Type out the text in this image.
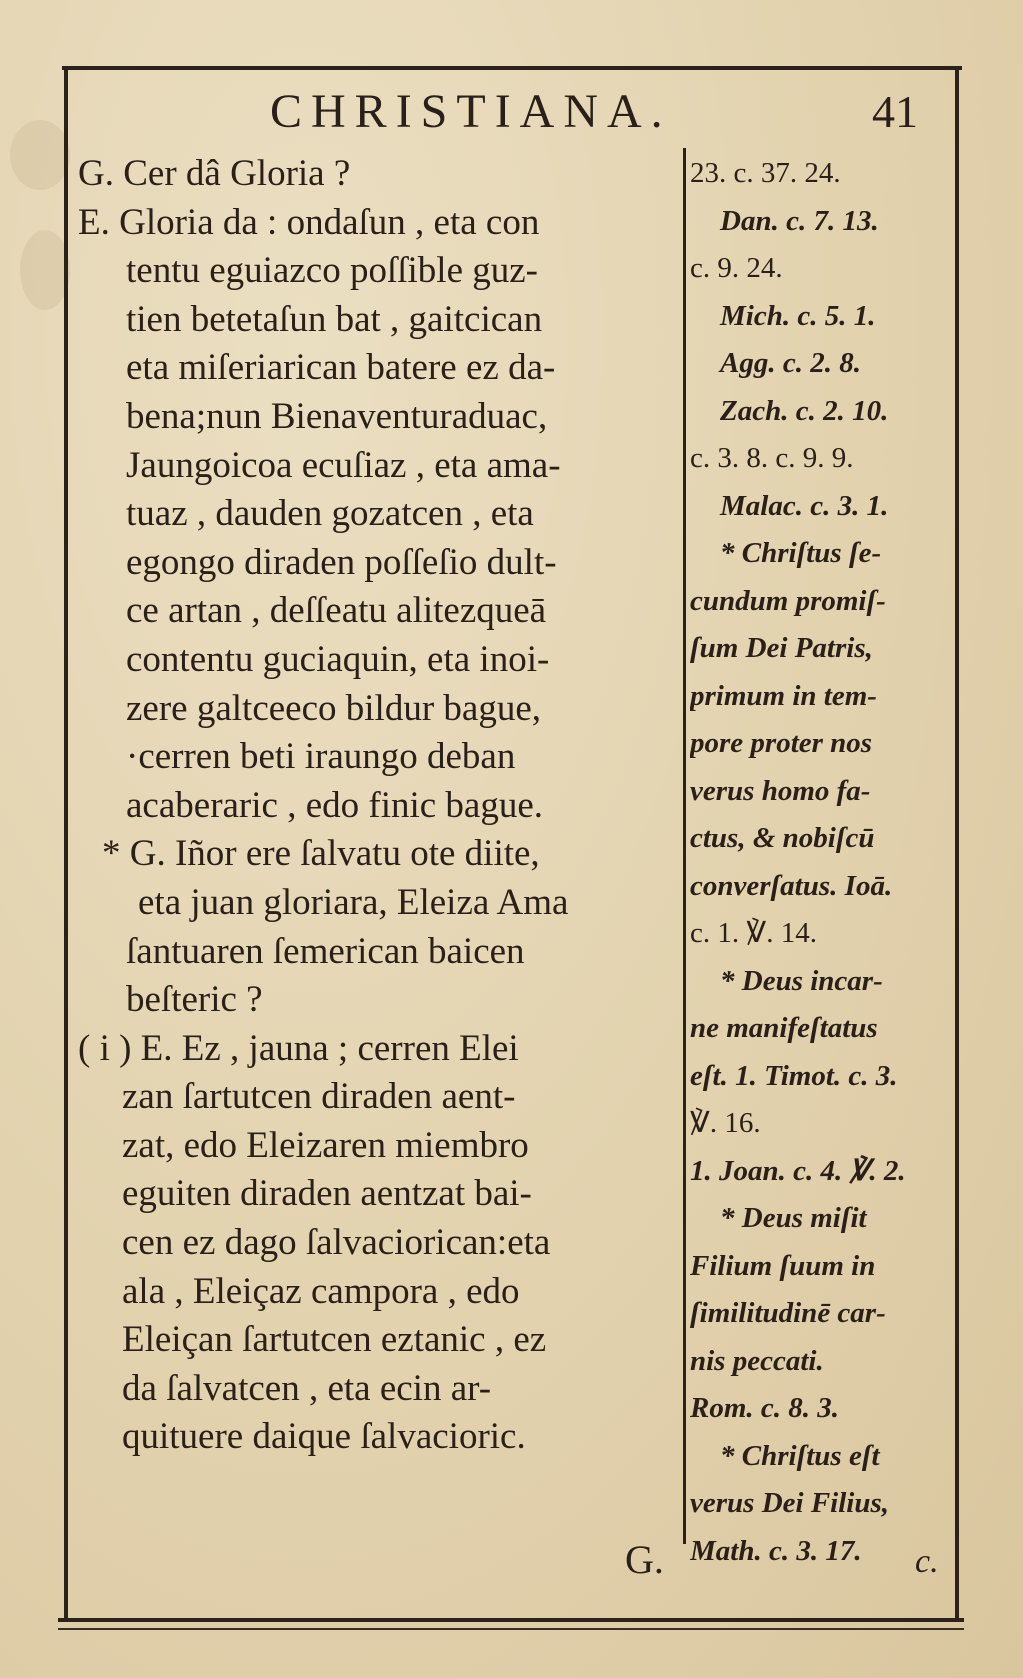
CHRISTIANA.	41
G. Cer dâ Gloria ?
E. Gloria da : ondaſun , eta con
tentu eguiazco poſſible guz-
tien betetaſun bat , gaitcican
eta miſeriarican batere ez da-
bena;nun Bienaventuraduac,
Jaungoicoa ecuſiaz , eta ama-
tuaz , dauden gozatcen , eta
egongo diraden poſſeſio dult-
ce artan , deſſeatu alitezqueā
contentu guciaquin, eta inoi-
zere galtceeco bildur bague,
·cerren beti iraungo deban
acaberaric , edo finic bague.
* G. Iñor ere ſalvatu ote diite,
eta juan gloriara, Eleiza Ama
ſantuaren ſemerican baicen
beſteric ?
( i ) E. Ez , jauna ; cerren Elei
zan ſartutcen diraden aent-
zat, edo Eleizaren miembro
eguiten diraden aentzat bai-
cen ez dago ſalvaciorican:eta
ala , Eleiçaz campora , edo
Eleiçan ſartutcen eztanic , ez
da ſalvatcen , eta ecin ar-
quituere daique ſalvacioric.
G.	c.
23. c. 37. 24.
Dan. c. 7. 13.
c. 9. 24.
Mich. c. 5. 1.
Agg. c. 2. 8.
Zach. c. 2. 10.
c. 3. 8. c. 9. 9.
Malac. c. 3. 1.
* Chriſtus ſe-
cundum promiſ-
ſum Dei Patris,
primum in tem-
pore proter nos
verus homo fa-
ctus, & nobiſcū
converſatus. Ioā.
c. 1. ℣. 14.
* Deus incar-
ne manifeſtatus
eſt. 1. Timot. c. 3.
℣. 16.
1. Joan. c. 4. ℣. 2.
* Deus miſit
Filium ſuum in
ſimilitudinē car-
nis peccati.
Rom. c. 8. 3.
* Chriſtus eſt
verus Dei Filius,
Math. c. 3. 17.
